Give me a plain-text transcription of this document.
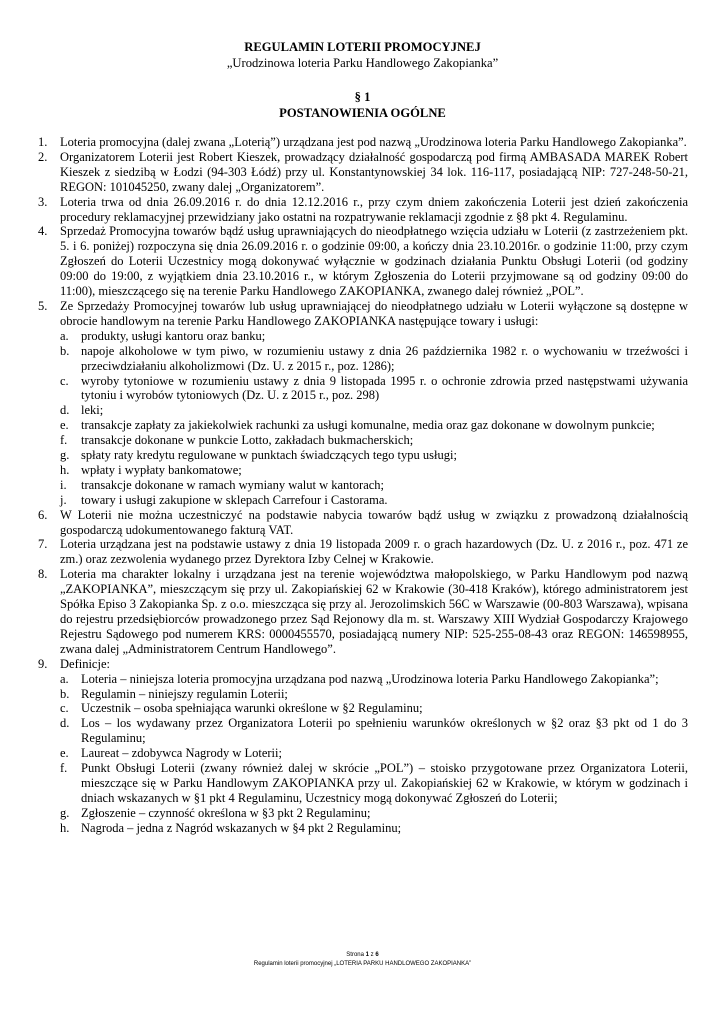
REGULAMIN LOTERII PROMOCYJNEJ
„Urodzinowa loteria Parku Handlowego Zakopianka”
§ 1
POSTANOWIENIA OGÓLNE
1. Loteria promocyjna (dalej zwana „Loterią”) urządzana jest pod nazwą „Urodzinowa loteria Parku Handlowego Zakopianka”.
2. Organizatorem Loterii jest Robert Kieszek, prowadzący działalność gospodarczą pod firmą AMBASADA MAREK Robert Kieszek z siedzibą w Łodzi (94-303 Łódź) przy ul. Konstantynowskiej 34 lok. 116-117, posiadającą NIP: 727-248-50-21, REGON: 101045250, zwany dalej „Organizatorem”.
3. Loteria trwa od dnia 26.09.2016 r. do dnia 12.12.2016 r., przy czym dniem zakończenia Loterii jest dzień zakończenia procedury reklamacyjnej przewidziany jako ostatni na rozpatrywanie reklamacji zgodnie z §8 pkt 4. Regulaminu.
4. Sprzedaż Promocyjna towarów bądź usług uprawniających do nieodpłatnego wzięcia udziału w Loterii (z zastrzeżeniem pkt. 5. i 6. poniżej) rozpoczyna się dnia 26.09.2016 r. o godzinie 09:00, a kończy dnia 23.10.2016r. o godzinie 11:00, przy czym Zgłoszeń do Loterii Uczestnicy mogą dokonywać wyłącznie w godzinach działania Punktu Obsługi Loterii (od godziny 09:00 do 19:00, z wyjątkiem dnia 23.10.2016 r., w którym Zgłoszenia do Loterii przyjmowane są od godziny 09:00 do 11:00), mieszczącego się na terenie Parku Handlowego ZAKOPIANKA, zwanego dalej również „POL”.
5. Ze Sprzedaży Promocyjnej towarów lub usług uprawniającej do nieodpłatnego udziału w Loterii wyłączone są dostępne w obrocie handlowym na terenie Parku Handlowego ZAKOPIANKA następujące towary i usługi:
a. produkty, usługi kantoru oraz banku;
b. napoje alkoholowe w tym piwo, w rozumieniu ustawy z dnia 26 października 1982 r. o wychowaniu w trzeźwości i przeciwdziałaniu alkoholizmowi (Dz. U. z 2015 r., poz. 1286);
c. wyroby tytoniowe w rozumieniu ustawy z dnia 9 listopada 1995 r. o ochronie zdrowia przed następstwami używania tytoniu i wyrobów tytoniowych (Dz. U. z 2015 r., poz. 298)
d. leki;
e. transakcje zapłaty za jakiekolwiek rachunki za usługi komunalne, media oraz gaz dokonane w dowolnym punkcie;
f. transakcje dokonane w punkcie Lotto, zakładach bukmacherskich;
g. spłaty raty kredytu regulowane w punktach świadczących tego typu usługi;
h. wpłaty i wypłaty bankomatowe;
i. transakcje dokonane w ramach wymiany walut w kantorach;
j. towary i usługi zakupione w sklepach Carrefour i Castorama.
6. W Loterii nie można uczestniczyć na podstawie nabycia towarów bądź usług w związku z prowadzoną działalnością gospodarczą udokumentowanego fakturą VAT.
7. Loteria urządzana jest na podstawie ustawy z dnia 19 listopada 2009 r. o grach hazardowych (Dz. U. z 2016 r., poz. 471 ze zm.) oraz zezwolenia wydanego przez Dyrektora Izby Celnej w Krakowie.
8. Loteria ma charakter lokalny i urządzana jest na terenie województwa małopolskiego, w Parku Handlowym pod nazwą „ZAKOPIANKA”, mieszczącym się przy ul. Zakopiańskiej 62 w Krakowie (30-418 Kraków), którego administratorem jest Spółka Episo 3 Zakopianka Sp. z o.o. mieszcząca się przy al. Jerozolimskich 56C w Warszawie (00-803 Warszawa), wpisana do rejestru przedsiębiorców prowadzonego przez Sąd Rejonowy dla m. st. Warszawy XIII Wydział Gospodarczy Krajowego Rejestru Sądowego pod numerem KRS: 0000455570, posiadającą numery NIP: 525-255-08-43 oraz REGON: 146598955, zwana dalej „Administratorem Centrum Handlowego”.
9. Definicje:
a. Loteria – niniejsza loteria promocyjna urządzana pod nazwą „Urodzinowa loteria Parku Handlowego Zakopianka”;
b. Regulamin – niniejszy regulamin Loterii;
c. Uczestnik – osoba spełniająca warunki określone w §2 Regulaminu;
d. Los – los wydawany przez Organizatora Loterii po spełnieniu warunków określonych w §2 oraz §3 pkt od 1 do 3 Regulaminu;
e. Laureat – zdobywca Nagrody w Loterii;
f. Punkt Obsługi Loterii (zwany również dalej w skrócie „POL”) – stoisko przygotowane przez Organizatora Loterii, mieszczące się w Parku Handlowym ZAKOPIANKA przy ul. Zakopiańskiej 62 w Krakowie, w którym w godzinach i dniach wskazanych w §1 pkt 4 Regulaminu, Uczestnicy mogą dokonywać Zgłoszeń do Loterii;
g. Zgłoszenie – czynność określona w §3 pkt 2 Regulaminu;
h. Nagroda – jedna z Nagród wskazanych w §4 pkt 2 Regulaminu;
Strona 1 z 6
Regulamin loterii promocyjnej „LOTERIA PARKU HANDLOWEGO ZAKOPIANKA”
